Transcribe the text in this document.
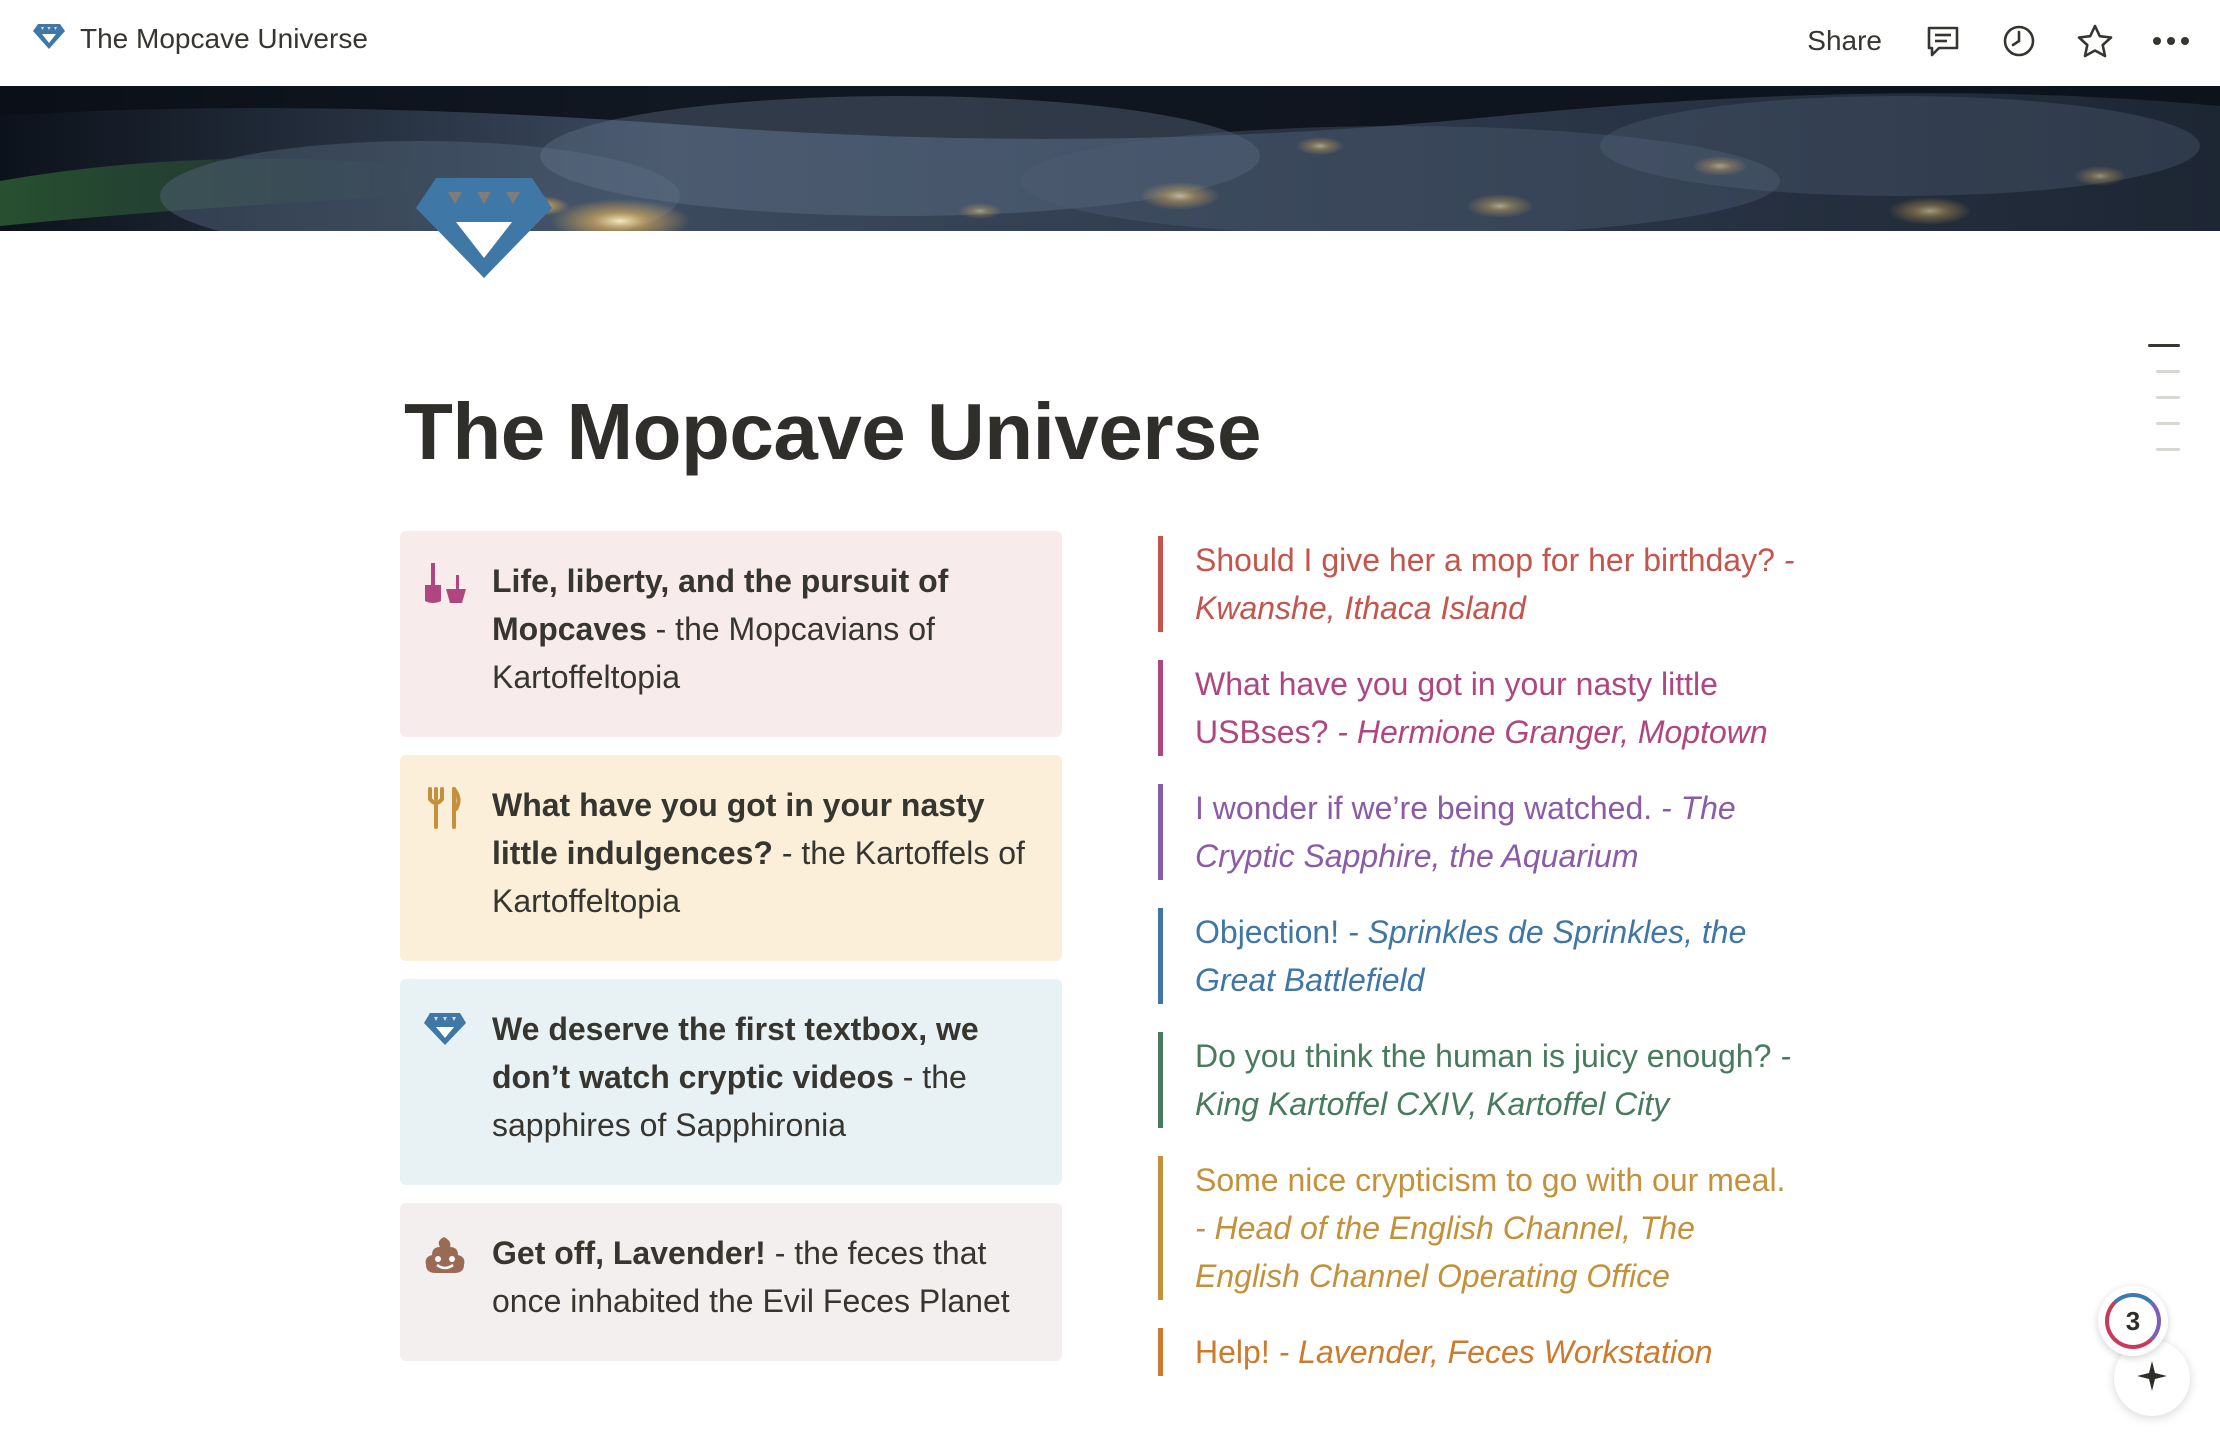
The Mopcave Universe	Share
The Mopcave Universe
Life, liberty, and the pursuit of Mopcaves - the Mopcavians of Kartoffeltopia
What have you got in your nasty little indulgences? - the Kartoffels of Kartoffeltopia
We deserve the first textbox, we don’t watch cryptic videos - the sapphires of Sapphironia
Get off, Lavender! - the feces that once inhabited the Evil Feces Planet
Should I give her a mop for her birthday? - Kwanshe, Ithaca Island
What have you got in your nasty little USBses? - Hermione Granger, Moptown
I wonder if we’re being watched. - The Cryptic Sapphire, the Aquarium
Objection! - Sprinkles de Sprinkles, the Great Battlefield
Do you think the human is juicy enough? - King Kartoffel CXIV, Kartoffel City
Some nice crypticism to go with our meal. - Head of the English Channel, The English Channel Operating Office
Help! - Lavender, Feces Workstation
3
